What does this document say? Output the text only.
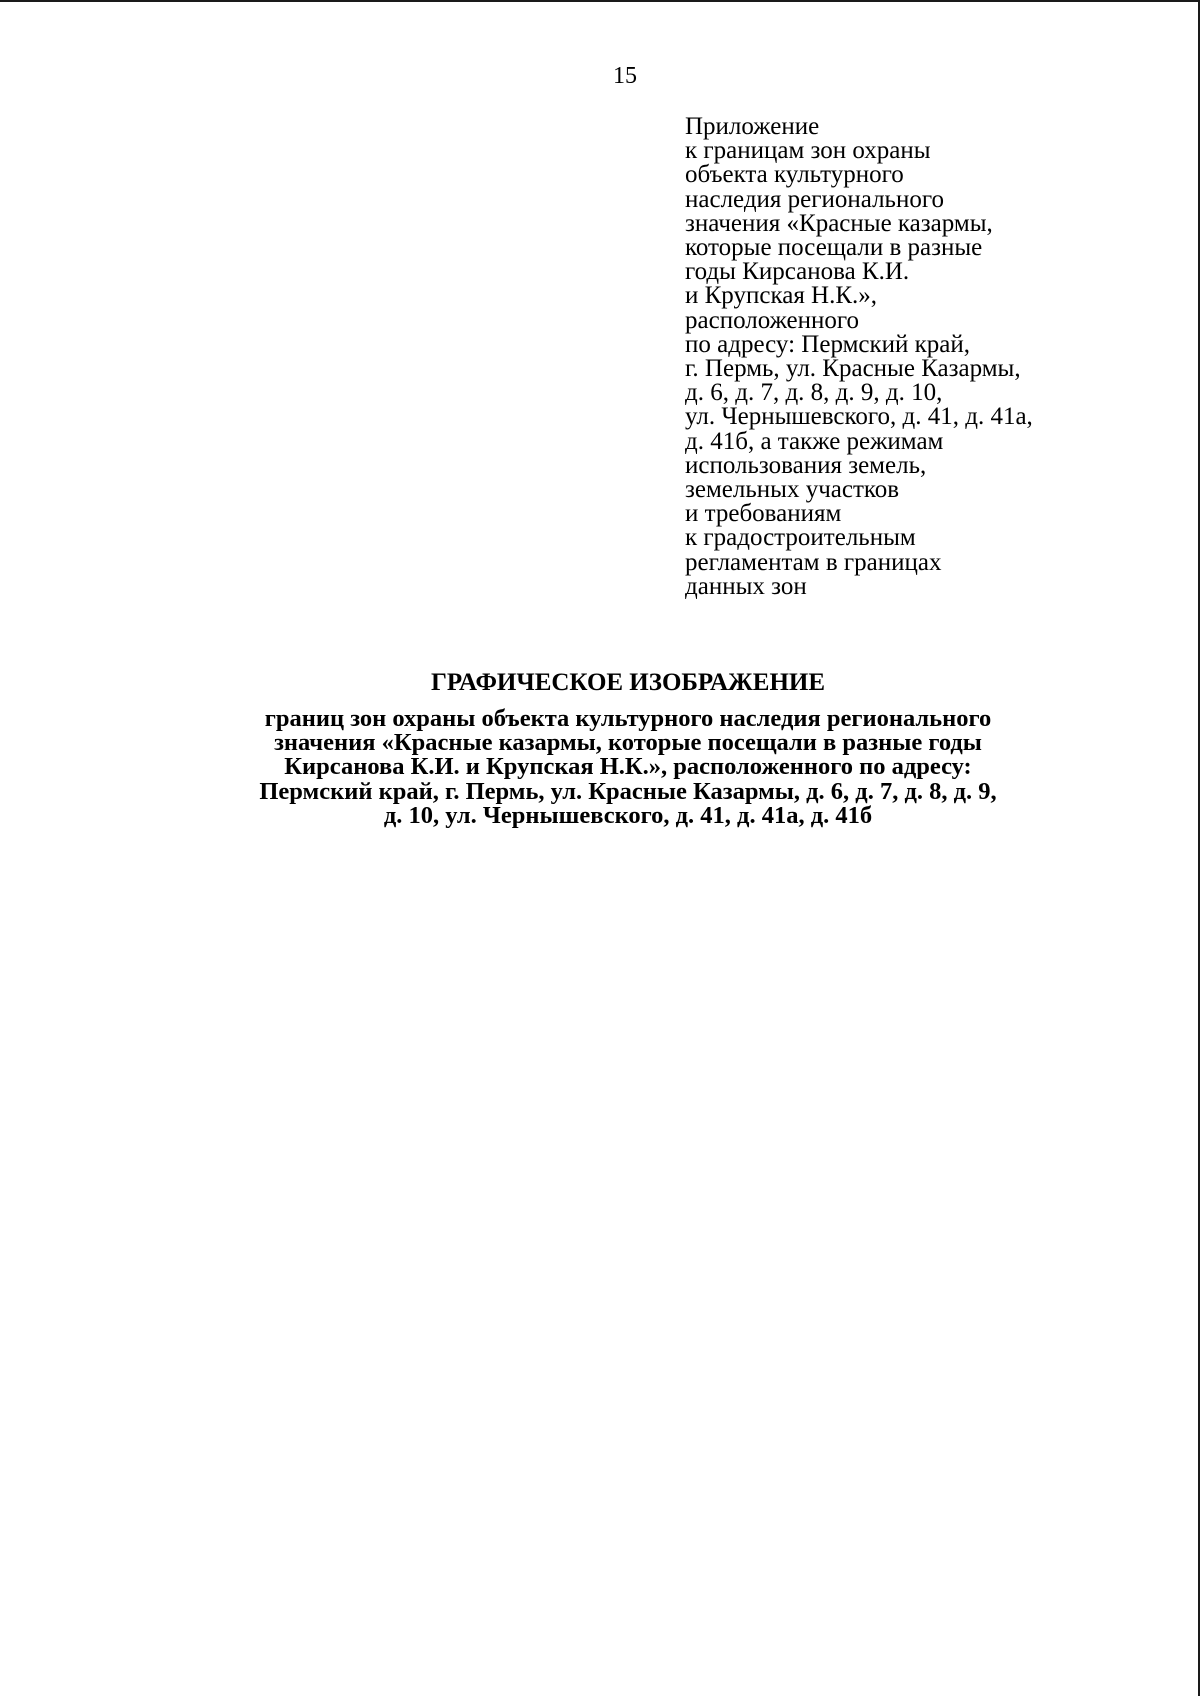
15
Приложение
к границам зон охраны
объекта культурного
наследия регионального
значения «Красные казармы,
которые посещали в разные
годы Кирсанова К.И.
и Крупская Н.К.»,
расположенного
по адресу: Пермский край,
г. Пермь, ул. Красные Казармы,
д. 6, д. 7, д. 8, д. 9, д. 10,
ул. Чернышевского, д. 41, д. 41а,
д. 41б, а также режимам
использования земель,
земельных участков
и требованиям
к градостроительным
регламентам в границах
данных зон
ГРАФИЧЕСКОЕ ИЗОБРАЖЕНИЕ
границ зон охраны объекта культурного наследия регионального
значения «Красные казармы, которые посещали в разные годы
Кирсанова К.И. и Крупская Н.К.», расположенного по адресу:
Пермский край, г. Пермь, ул. Красные Казармы, д. 6, д. 7, д. 8, д. 9,
д. 10, ул. Чернышевского, д. 41, д. 41а, д. 41б
